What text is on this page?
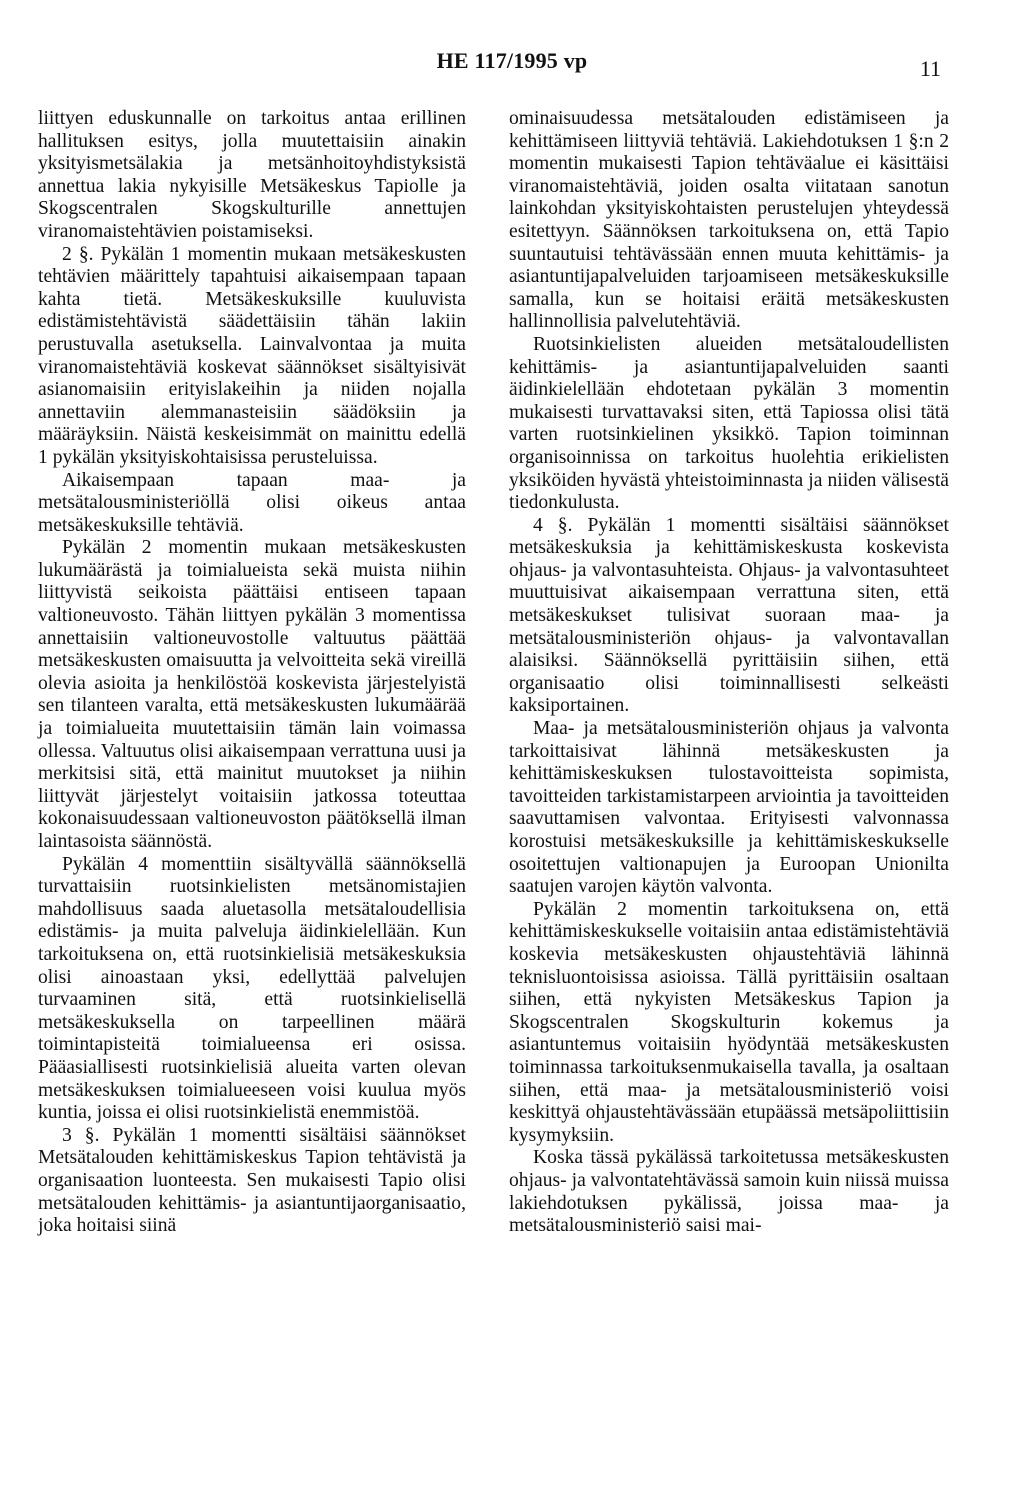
HE 117/1995 vp	11

liittyen eduskunnalle on tarkoitus antaa erillinen hallituksen esitys, jolla muutettaisiin ainakin yksityismetsälakia ja metsänhoitoyhdistyksistä annettua lakia nykyisille Metsäkeskus Tapiolle ja Skogscentralen Skogskulturille annettujen viranomaistehtävien poistamiseksi.

2 §. Pykälän 1 momentin mukaan metsäkeskusten tehtävien määrittely tapahtuisi aikaisempaan tapaan kahta tietä. Metsäkeskuksille kuuluvista edistämistehtävistä säädettäisiin tähän lakiin perustuvalla asetuksella. Lainvalvontaa ja muita viranomaistehtäviä koskevat säännökset sisältyisivät asianomaisiin erityislakeihin ja niiden nojalla annettaviin alemmanasteisiin säädöksiin ja määräyksiin. Näistä keskeisimmät on mainittu edellä 1 pykälän yksityiskohtaisissa perusteluissa.

Aikaisempaan tapaan maa- ja metsätalousministeriöllä olisi oikeus antaa metsäkeskuksille tehtäviä.

Pykälän 2 momentin mukaan metsäkeskusten lukumäärästä ja toimialueista sekä muista niihin liittyvistä seikoista päättäisi entiseen tapaan valtioneuvosto. Tähän liittyen pykälän 3 momentissa annettaisiin valtioneuvostolle valtuutus päättää metsäkeskusten omaisuutta ja velvoitteita sekä vireillä olevia asioita ja henkilöstöä koskevista järjestelyistä sen tilanteen varalta, että metsäkeskusten lukumäärää ja toimialueita muutettaisiin tämän lain voimassa ollessa. Valtuutus olisi aikaisempaan verrattuna uusi ja merkitsisi sitä, että mainitut muutokset ja niihin liittyvät järjestelyt voitaisiin jatkossa toteuttaa kokonaisuudessaan valtioneuvoston päätöksellä ilman laintasoista säännöstä.

Pykälän 4 momenttiin sisältyvällä säännöksellä turvattaisiin ruotsinkielisten metsänomistajien mahdollisuus saada aluetasolla metsätaloudellisia edistämis- ja muita palveluja äidinkielellään. Kun tarkoituksena on, että ruotsinkielisiä metsäkeskuksia olisi ainoastaan yksi, edellyttää palvelujen turvaaminen sitä, että ruotsinkielisellä metsäkeskuksella on tarpeellinen määrä toimintapisteitä toimialueensa eri osissa. Pääasiallisesti ruotsinkielisiä alueita varten olevan metsäkeskuksen toimialueeseen voisi kuulua myös kuntia, joissa ei olisi ruotsinkielistä enemmistöä.

3 §. Pykälän 1 momentti sisältäisi säännökset Metsätalouden kehittämiskeskus Tapion tehtävistä ja organisaation luonteesta. Sen mukaisesti Tapio olisi metsätalouden kehittämis- ja asiantuntijaorganisaatio, joka hoitaisi siinä

ominaisuudessa metsätalouden edistämiseen ja kehittämiseen liittyviä tehtäviä. Lakiehdotuksen 1 §:n 2 momentin mukaisesti Tapion tehtäväalue ei käsittäisi viranomaistehtäviä, joiden osalta viitataan sanotun lainkohdan yksityiskohtaisten perustelujen yhteydessä esitettyyn. Säännöksen tarkoituksena on, että Tapio suuntautuisi tehtävässään ennen muuta kehittämis- ja asiantuntijapalveluiden tarjoamiseen metsäkeskuksille samalla, kun se hoitaisi eräitä metsäkeskusten hallinnollisia palvelutehtäviä.

Ruotsinkielisten alueiden metsätaloudellisten kehittämis- ja asiantuntijapalveluiden saanti äidinkielellään ehdotetaan pykälän 3 momentin mukaisesti turvattavaksi siten, että Tapiossa olisi tätä varten ruotsinkielinen yksikkö. Tapion toiminnan organisoinnissa on tarkoitus huolehtia erikielisten yksiköiden hyvästä yhteistoiminnasta ja niiden välisestä tiedonkulusta.

4 §. Pykälän 1 momentti sisältäisi säännökset metsäkeskuksia ja kehittämiskeskusta koskevista ohjaus- ja valvontasuhteista. Ohjaus- ja valvontasuhteet muuttuisivat aikaisempaan verrattuna siten, että metsäkeskukset tulisivat suoraan maa- ja metsätalousministeriön ohjaus- ja valvontavallan alaisiksi. Säännöksellä pyrittäisiin siihen, että organisaatio olisi toiminnallisesti selkeästi kaksiportainen.

Maa- ja metsätalousministeriön ohjaus ja valvonta tarkoittaisivat lähinnä metsäkeskusten ja kehittämiskeskuksen tulostavoitteista sopimista, tavoitteiden tarkistamistarpeen arviointia ja tavoitteiden saavuttamisen valvontaa. Erityisesti valvonnassa korostuisi metsäkeskuksille ja kehittämiskeskukselle osoitettujen valtionapujen ja Euroopan Unionilta saatujen varojen käytön valvonta.

Pykälän 2 momentin tarkoituksena on, että kehittämiskeskukselle voitaisiin antaa edistämistehtäviä koskevia metsäkeskusten ohjaustehtäviä lähinnä teknisluontoisissa asioissa. Tällä pyrittäisiin osaltaan siihen, että nykyisten Metsäkeskus Tapion ja Skogscentralen Skogskulturin kokemus ja asiantuntemus voitaisiin hyödyntää metsäkeskusten toiminnassa tarkoituksenmukaisella tavalla, ja osaltaan siihen, että maa- ja metsätalousministeriö voisi keskittyä ohjaustehtävässään etupäässä metsäpoliittisiin kysymyksiin.

Koska tässä pykälässä tarkoitetussa metsäkeskusten ohjaus- ja valvontatehtävässä samoin kuin niissä muissa lakiehdotuksen pykälissä, joissa maa- ja metsätalousministeriö saisi mai-
